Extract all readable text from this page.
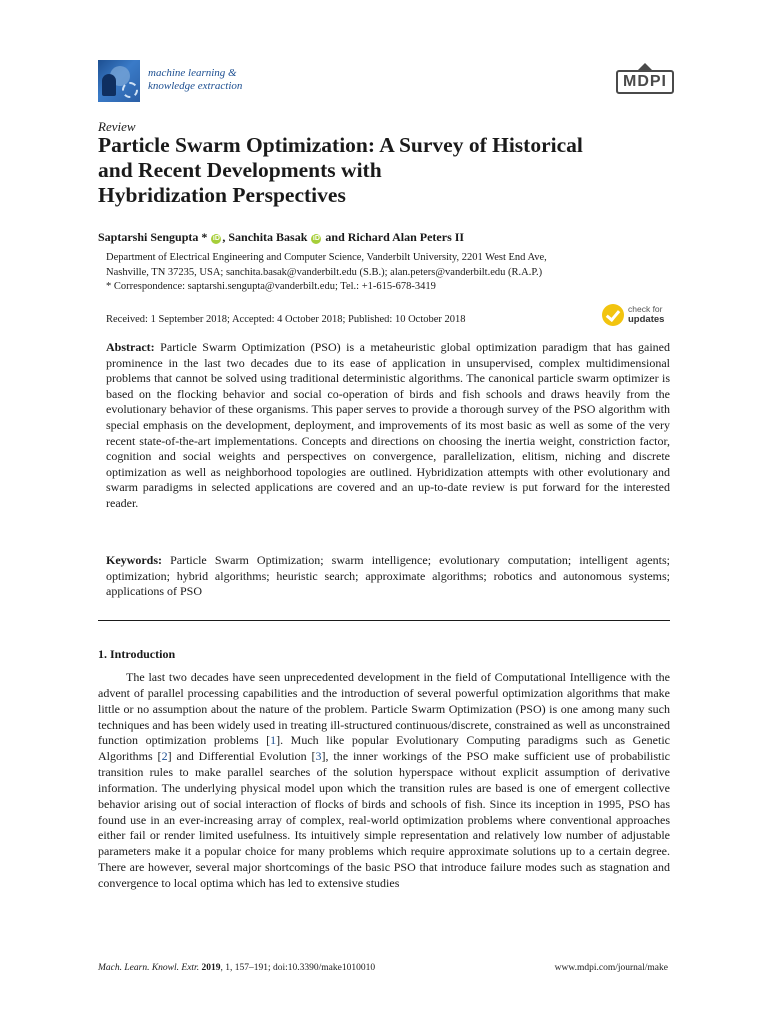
machine learning &
knowledge extraction	MDPI
Review
Particle Swarm Optimization: A Survey of Historical
and Recent Developments with
Hybridization Perspectives
Saptarshi Sengupta * iD , Sanchita Basak iD and Richard Alan Peters II
Department of Electrical Engineering and Computer Science, Vanderbilt University, 2201 West End Ave,
Nashville, TN 37235, USA; sanchita.basak@vanderbilt.edu (S.B.); alan.peters@vanderbilt.edu (R.A.P.)
* Correspondence: saptarshi.sengupta@vanderbilt.edu; Tel.: +1-615-678-3419
Received: 1 September 2018; Accepted: 4 October 2018; Published: 10 October 2018
check for
updates

Abstract: Particle Swarm Optimization (PSO) is a metaheuristic global optimization paradigm that has gained prominence in the last two decades due to its ease of application in unsupervised, complex multidimensional problems that cannot be solved using traditional deterministic algorithms. The canonical particle swarm optimizer is based on the flocking behavior and social co-operation of birds and fish schools and draws heavily from the evolutionary behavior of these organisms. This paper serves to provide a thorough survey of the PSO algorithm with special emphasis on the development, deployment, and improvements of its most basic as well as some of the very recent state-of-the-art implementations. Concepts and directions on choosing the inertia weight, constriction factor, cognition and social weights and perspectives on convergence, parallelization, elitism, niching and discrete optimization as well as neighborhood topologies are outlined. Hybridization attempts with other evolutionary and swarm paradigms in selected applications are covered and an up-to-date review is put forward for the interested reader.

Keywords: Particle Swarm Optimization; swarm intelligence; evolutionary computation; intelligent agents; optimization; hybrid algorithms; heuristic search; approximate algorithms; robotics and autonomous systems; applications of PSO

1. Introduction

The last two decades have seen unprecedented development in the field of Computational Intelligence with the advent of parallel processing capabilities and the introduction of several powerful optimization algorithms that make little or no assumption about the nature of the problem. Particle Swarm Optimization (PSO) is one among many such techniques and has been widely used in treating ill-structured continuous/discrete, constrained as well as unconstrained function optimization problems [1]. Much like popular Evolutionary Computing paradigms such as Genetic Algorithms [2] and Differential Evolution [3], the inner workings of the PSO make sufficient use of probabilistic transition rules to make parallel searches of the solution hyperspace without explicit assumption of derivative information. The underlying physical model upon which the transition rules are based is one of emergent collective behavior arising out of social interaction of flocks of birds and schools of fish. Since its inception in 1995, PSO has found use in an ever-increasing array of complex, real-world optimization problems where conventional approaches either fail or render limited usefulness. Its intuitively simple representation and relatively low number of adjustable parameters make it a popular choice for many problems which require approximate solutions up to a certain degree. There are however, several major shortcomings of the basic PSO that introduce failure modes such as stagnation and convergence to local optima which has led to extensive studies

Mach. Learn. Knowl. Extr. 2019, 1, 157–191; doi:10.3390/make1010010	www.mdpi.com/journal/make
